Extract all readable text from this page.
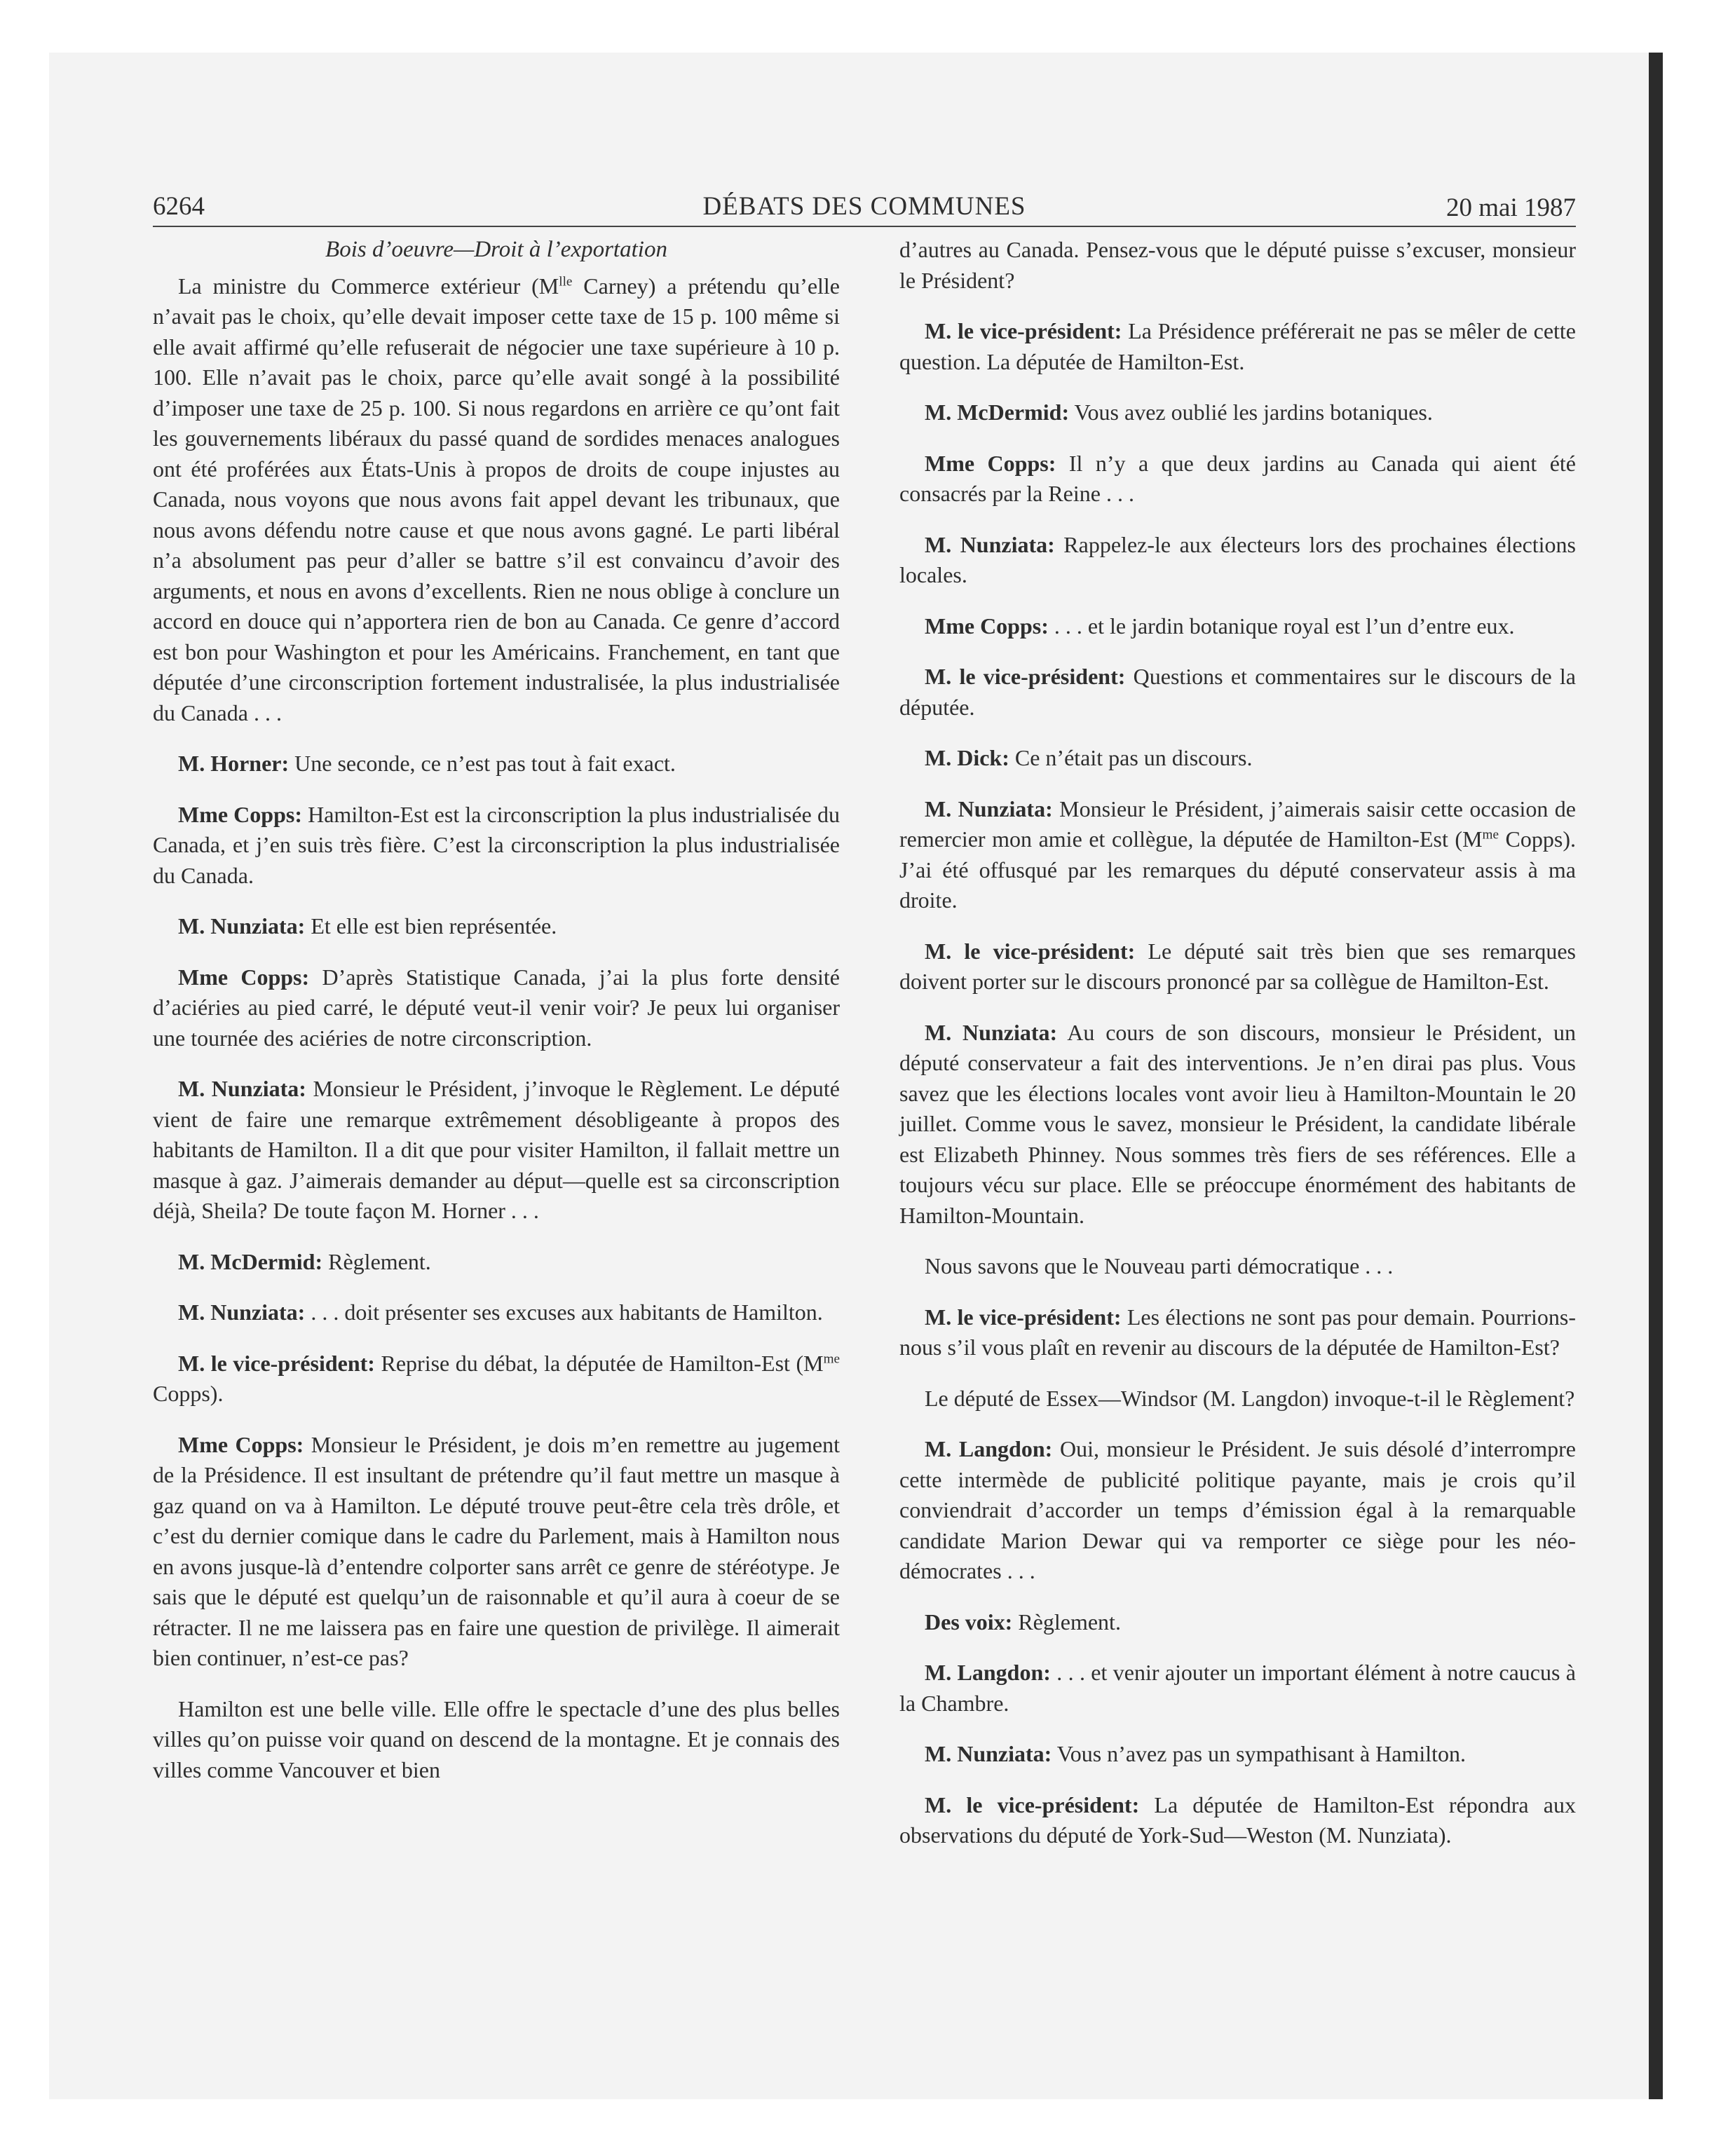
6264	DÉBATS DES COMMUNES	20 mai 1987
Bois d’oeuvre—Droit à l’exportation

La ministre du Commerce extérieur ($M^{lle}$ Carney) a prétendu qu’elle n’avait pas le choix, qu’elle devait imposer cette taxe de 15 p. 100 même si elle avait affirmé qu’elle refuserait de négocier une taxe supérieure à 10 p. 100. Elle n’avait pas le choix, parce qu’elle avait songé à la possibilité d’imposer une taxe de 25 p. 100. Si nous regardons en arrière ce qu’ont fait les gouvernements libéraux du passé quand de sordides menaces analogues ont été proférées aux États-Unis à propos de droits de coupe injustes au Canada, nous voyons que nous avons fait appel devant les tribunaux, que nous avons défendu notre cause et que nous avons gagné. Le parti libéral n’a absolument pas peur d’aller se battre s’il est convaincu d’avoir des arguments, et nous en avons d’excellents. Rien ne nous oblige à conclure un accord en douce qui n’apportera rien de bon au Canada. Ce genre d’accord est bon pour Washington et pour les Américains. Franchement, en tant que députée d’une circonscription fortement industralisée, la plus industrialisée du Canada . . .

M. Horner: Une seconde, ce n’est pas tout à fait exact.

Mme Copps: Hamilton-Est est la circonscription la plus industrialisée du Canada, et j’en suis très fière. C’est la circonscription la plus industrialisée du Canada.

M. Nunziata: Et elle est bien représentée.

Mme Copps: D’après Statistique Canada, j’ai la plus forte densité d’aciéries au pied carré, le député veut-il venir voir? Je peux lui organiser une tournée des aciéries de notre circonscription.

M. Nunziata: Monsieur le Président, j’invoque le Règlement. Le député vient de faire une remarque extrêmement désobligeante à propos des habitants de Hamilton. Il a dit que pour visiter Hamilton, il fallait mettre un masque à gaz. J’aimerais demander au déput—quelle est sa circonscription déjà, Sheila? De toute façon M. Horner . . .

M. McDermid: Règlement.

M. Nunziata: . . . doit présenter ses excuses aux habitants de Hamilton.

M. le vice-président: Reprise du débat, la députée de Hamilton-Est ($M^{me}$ Copps).

Mme Copps: Monsieur le Président, je dois m’en remettre au jugement de la Présidence. Il est insultant de prétendre qu’il faut mettre un masque à gaz quand on va à Hamilton. Le député trouve peut-être cela très drôle, et c’est du dernier comique dans le cadre du Parlement, mais à Hamilton nous en avons jusque-là d’entendre colporter sans arrêt ce genre de stéréotype. Je sais que le député est quelqu’un de raisonnable et qu’il aura à coeur de se rétracter. Il ne me laissera pas en faire une question de privilège. Il aimerait bien continuer, n’est-ce pas?

Hamilton est une belle ville. Elle offre le spectacle d’une des plus belles villes qu’on puisse voir quand on descend de la montagne. Et je connais des villes comme Vancouver et bien

d’autres au Canada. Pensez-vous que le député puisse s’excuser, monsieur le Président?

M. le vice-président: La Présidence préférerait ne pas se mêler de cette question. La députée de Hamilton-Est.

M. McDermid: Vous avez oublié les jardins botaniques.

Mme Copps: Il n’y a que deux jardins au Canada qui aient été consacrés par la Reine . . .

M. Nunziata: Rappelez-le aux électeurs lors des prochaines élections locales.

Mme Copps: . . . et le jardin botanique royal est l’un d’entre eux.

M. le vice-président: Questions et commentaires sur le discours de la députée.

M. Dick: Ce n’était pas un discours.

M. Nunziata: Monsieur le Président, j’aimerais saisir cette occasion de remercier mon amie et collègue, la députée de Hamilton-Est ($M^{me}$ Copps). J’ai été offusqué par les remarques du député conservateur assis à ma droite.

M. le vice-président: Le député sait très bien que ses remarques doivent porter sur le discours prononcé par sa collègue de Hamilton-Est.

M. Nunziata: Au cours de son discours, monsieur le Président, un député conservateur a fait des interventions. Je n’en dirai pas plus. Vous savez que les élections locales vont avoir lieu à Hamilton-Mountain le 20 juillet. Comme vous le savez, monsieur le Président, la candidate libérale est Elizabeth Phinney. Nous sommes très fiers de ses références. Elle a toujours vécu sur place. Elle se préoccupe énormément des habitants de Hamilton-Mountain.

Nous savons que le Nouveau parti démocratique . . .

M. le vice-président: Les élections ne sont pas pour demain. Pourrions-nous s’il vous plaît en revenir au discours de la députée de Hamilton-Est?

Le député de Essex—Windsor (M. Langdon) invoque-t-il le Règlement?

M. Langdon: Oui, monsieur le Président. Je suis désolé d’interrompre cette intermède de publicité politique payante, mais je crois qu’il conviendrait d’accorder un temps d’émission égal à la remarquable candidate Marion Dewar qui va remporter ce siège pour les néo-démocrates . . .

Des voix: Règlement.

M. Langdon: . . . et venir ajouter un important élément à notre caucus à la Chambre.

M. Nunziata: Vous n’avez pas un sympathisant à Hamilton.

M. le vice-président: La députée de Hamilton-Est répondra aux observations du député de York-Sud—Weston (M. Nunziata).
